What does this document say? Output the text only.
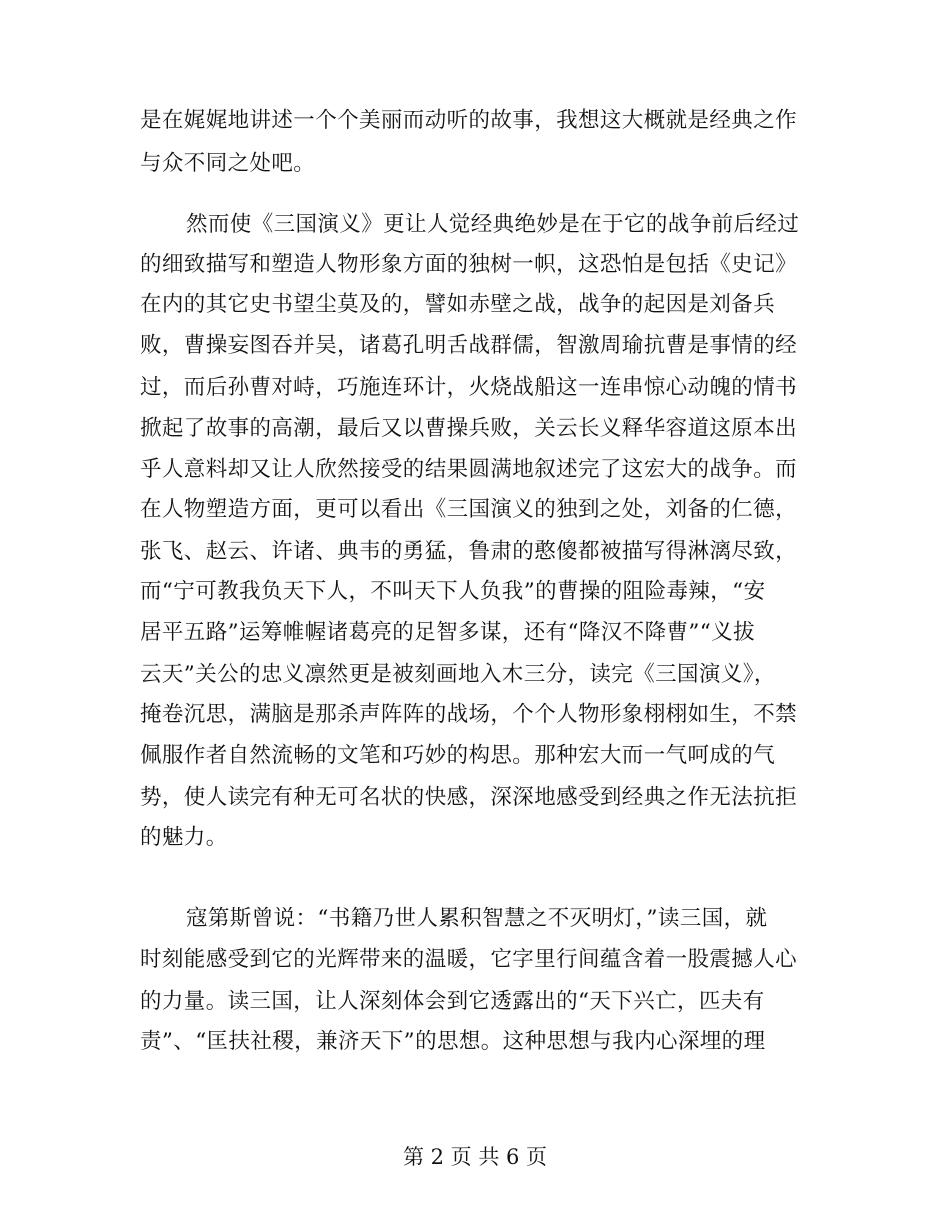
是在娓娓地讲述一个个美丽而动听的故事，我想这大概就是经典之作
与众不同之处吧。
然而使《三国演义》更让人觉经典绝妙是在于它的战争前后经过
的细致描写和塑造人物形象方面的独树一帜，这恐怕是包括《史记》
在内的其它史书望尘莫及的，譬如赤壁之战，战争的起因是刘备兵
败，曹操妄图吞并吴，诸葛孔明舌战群儒，智激周瑜抗曹是事情的经
过，而后孙曹对峙，巧施连环计，火烧战船这一连串惊心动魄的情书
掀起了故事的高潮，最后又以曹操兵败，关云长义释华容道这原本出
乎人意料却又让人欣然接受的结果圆满地叙述完了这宏大的战争。而
在人物塑造方面，更可以看出《三国演义的独到之处，刘备的仁德，
张飞、赵云、许诸、典韦的勇猛，鲁肃的憨傻都被描写得淋漓尽致，
而“宁可教我负天下人，不叫天下人负我”的曹操的阻险毒辣，“安
居平五路”运筹帷幄诸葛亮的足智多谋，还有“降汉不降曹”“义拔
云天”关公的忠义凛然更是被刻画地入木三分，读完《三国演义》，
掩卷沉思，满脑是那杀声阵阵的战场，个个人物形象栩栩如生，不禁
佩服作者自然流畅的文笔和巧妙的构思。那种宏大而一气呵成的气
势，使人读完有种无可名状的快感，深深地感受到经典之作无法抗拒
的魅力。
寇第斯曾说：“书籍乃世人累积智慧之不灭明灯，”读三国，就
时刻能感受到它的光辉带来的温暖，它字里行间蕴含着一股震撼人心
的力量。读三国，让人深刻体会到它透露出的“天下兴亡，匹夫有
责”、“匡扶社稷，兼济天下”的思想。这种思想与我内心深埋的理
第 2 页 共 6 页
